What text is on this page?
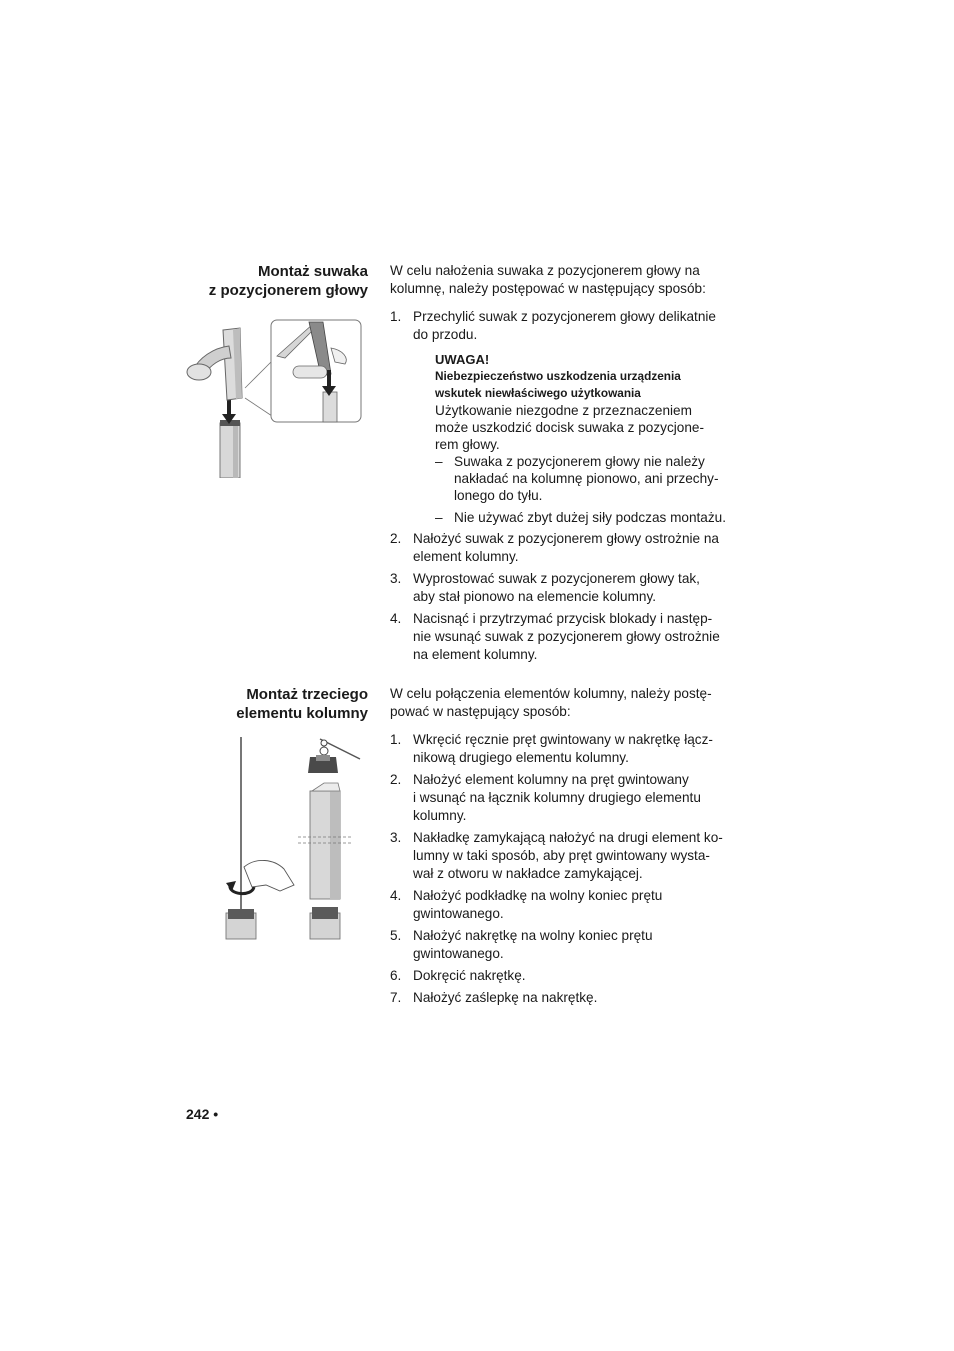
Montaż suwaka
z pozycjonerem głowy

W celu nałożenia suwaka z pozycjonerem głowy na
kolumnę, należy postępować w następujący sposób:

1. Przechylić suwak z pozycjonerem głowy delikatnie
do przodu.
UWAGA!
Niebezpieczeństwo uszkodzenia urządzenia
wskutek niewłaściwego użytkowania
Użytkowanie niezgodne z przeznaczeniem
może uszkodzić docisk suwaka z pozycjone-
rem głowy.
– Suwaka z pozycjonerem głowy nie należy
nakładać na kolumnę pionowo, ani przechy-
lonego do tyłu.
– Nie używać zbyt dużej siły podczas montażu.
2. Nałożyć suwak z pozycjonerem głowy ostrożnie na
element kolumny.
3. Wyprostować suwak z pozycjonerem głowy tak,
aby stał pionowo na elemencie kolumny.
4. Nacisnąć i przytrzymać przycisk blokady i następ-
nie wsunąć suwak z pozycjonerem głowy ostrożnie
na element kolumny.
Montaż trzeciego
elementu kolumny

W celu połączenia elementów kolumny, należy postę-
pować w następujący sposób:

1. Wkręcić ręcznie pręt gwintowany w nakrętkę łącz-
nikową drugiego elementu kolumny.
2. Nałożyć element kolumny na pręt gwintowany
i wsunąć na łącznik kolumny drugiego elementu
kolumny.
3. Nakładkę zamykającą nałożyć na drugi element ko-
lumny w taki sposób, aby pręt gwintowany wysta-
wał z otworu w nakładce zamykającej.
4. Nałożyć podkładkę na wolny koniec prętu
gwintowanego.
5. Nałożyć nakrętkę na wolny koniec prętu
gwintowanego.
6. Dokręcić nakrętkę.
7. Nałożyć zaślepkę na nakrętkę.
242 •
